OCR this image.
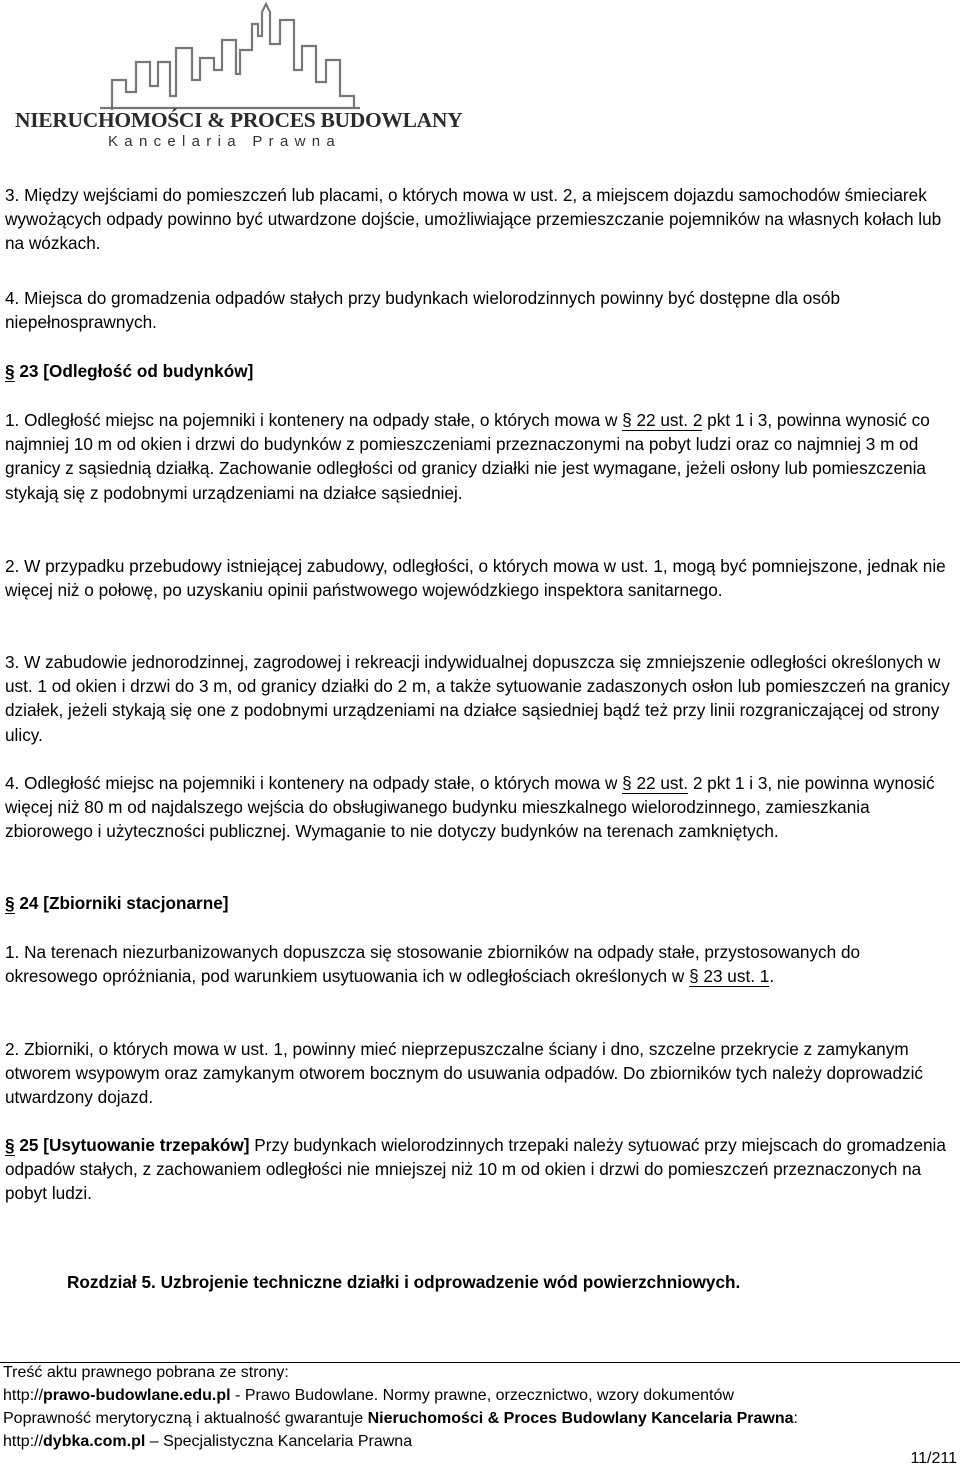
NIERUCHOMOŚCI & PROCES BUDOWLANY
Kancelaria Prawna

3. Między wejściami do pomieszczeń lub placami, o których mowa w ust. 2, a miejscem dojazdu samochodów śmieciarek wywożących odpady powinno być utwardzone dojście, umożliwiające przemieszczanie pojemników na własnych kołach lub na wózkach.

4. Miejsca do gromadzenia odpadów stałych przy budynkach wielorodzinnych powinny być dostępne dla osób niepełnosprawnych.

§ 23 [Odległość od budynków]

1. Odległość miejsc na pojemniki i kontenery na odpady stałe, o których mowa w § 22 ust. 2 pkt 1 i 3, powinna wynosić co najmniej 10 m od okien i drzwi do budynków z pomieszczeniami przeznaczonymi na pobyt ludzi oraz co najmniej 3 m od granicy z sąsiednią działką. Zachowanie odległości od granicy działki nie jest wymagane, jeżeli osłony lub pomieszczenia stykają się z podobnymi urządzeniami na działce sąsiedniej.

2. W przypadku przebudowy istniejącej zabudowy, odległości, o których mowa w ust. 1, mogą być pomniejszone, jednak nie więcej niż o połowę, po uzyskaniu opinii państwowego wojewódzkiego inspektora sanitarnego.

3. W zabudowie jednorodzinnej, zagrodowej i rekreacji indywidualnej dopuszcza się zmniejszenie odległości określonych w ust. 1 od okien i drzwi do 3 m, od granicy działki do 2 m, a także sytuowanie zadaszonych osłon lub pomieszczeń na granicy działek, jeżeli stykają się one z podobnymi urządzeniami na działce sąsiedniej bądź też przy linii rozgraniczającej od strony ulicy.

4. Odległość miejsc na pojemniki i kontenery na odpady stałe, o których mowa w § 22 ust. 2 pkt 1 i 3, nie powinna wynosić więcej niż 80 m od najdalszego wejścia do obsługiwanego budynku mieszkalnego wielorodzinnego, zamieszkania zbiorowego i użyteczności publicznej. Wymaganie to nie dotyczy budynków na terenach zamkniętych.

§ 24 [Zbiorniki stacjonarne]

1. Na terenach niezurbanizowanych dopuszcza się stosowanie zbiorników na odpady stałe, przystosowanych do okresowego opróżniania, pod warunkiem usytuowania ich w odległościach określonych w § 23 ust. 1.

2. Zbiorniki, o których mowa w ust. 1, powinny mieć nieprzepuszczalne ściany i dno, szczelne przekrycie z zamykanym otworem wsypowym oraz zamykanym otworem bocznym do usuwania odpadów. Do zbiorników tych należy doprowadzić utwardzony dojazd.

§ 25 [Usytuowanie trzepaków] Przy budynkach wielorodzinnych trzepaki należy sytuować przy miejscach do gromadzenia odpadów stałych, z zachowaniem odległości nie mniejszej niż 10 m od okien i drzwi do pomieszczeń przeznaczonych na pobyt ludzi.

Rozdział 5. Uzbrojenie techniczne działki i odprowadzenie wód powierzchniowych.
Treść aktu prawnego pobrana ze strony:
http://prawo-budowlane.edu.pl - Prawo Budowlane. Normy prawne, orzecznictwo, wzory dokumentów
Poprawność merytoryczną i aktualność gwarantuje Nieruchomości & Proces Budowlany Kancelaria Prawna:
http://dybka.com.pl – Specjalistyczna Kancelaria Prawna
11/211
